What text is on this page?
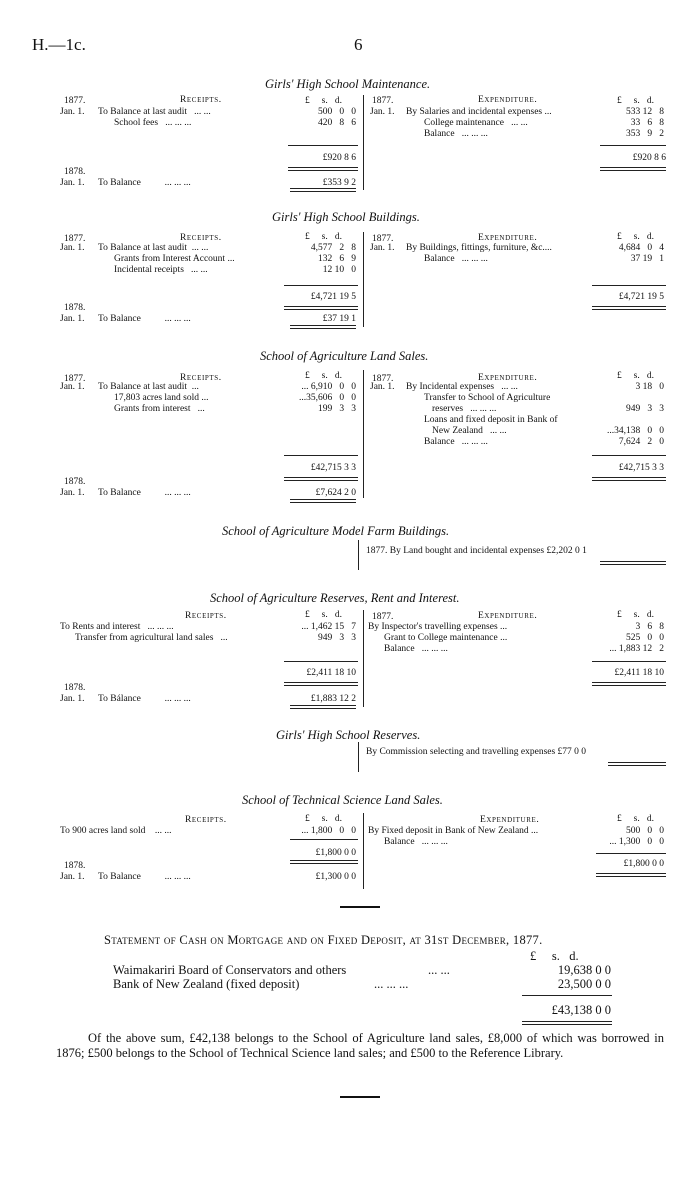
H.—1c.	6
Girls' High School Maintenance.
1877.	Receipts.	£     s.   d.
Jan. 1. To Balance at last audit ... ...	500 0 0
School fees ... ... ...	420 8 6
1877.	Expenditure.	£     s.   d.
Jan. 1. By Salaries and incidental expenses ...	533 12 8
College maintenance ... ...	33 6 8
Balance ... ... ...	353 9 2
£920 8 6	£920 8 6
1878.
Jan. 1. To Balance	... ... ...	£353 9 2
Girls' High School Buildings.
1877.	Receipts.	£     s.   d.
Jan. 1. To Balance at last audit ... ...	4,577 2 8
Grants from Interest Account ...	132 6 9
Incidental receipts ... ...	12 10 0
1877.	Expenditure.	£     s.   d.
Jan. 1. By Buildings, fittings, furniture, &c....	4,684 0 4
Balance ... ... ...	37 19 1
£4,721 19 5	£4,721 19 5
1878.
Jan. 1. To Balance	... ... ...	£37 19 1
School of Agriculture Land Sales.
1877.	Receipts.	£     s.   d.
Jan. 1. To Balance at last audit ...	... 6,910 0 0
17,803 acres land sold ...	...35,606 0 0
Grants from interest ...	199 3 3
1877.	Expenditure.	£     s.   d.
Jan. 1. By Incidental expenses ... ...	3 18 0
Transfer to School of Agriculture
reserves ... ... ...	949 3 3
Loans and fixed deposit in Bank of
New Zealand ... ...	...34,138 0 0
Balance ... ... ...	7,624 2 0
£42,715 3 3	£42,715 3 3
1878.
Jan. 1. To Balance	... ... ...	£7,624 2 0
School of Agriculture Model Farm Buildings.
1877. By Land bought and incidental expenses £2,202 0 1
School of Agriculture Reserves, Rent and Interest.
Receipts.	£     s.   d.
To Rents and interest ... ... ...	... 1,462 15 7
Transfer from agricultural land sales ...	949 3 3
1877.	Expenditure.	£     s.   d.
By Inspector's travelling expenses ...	3 6 8
Grant to College maintenance ...	525 0 0
Balance ... ... ...	... 1,883 12 2
£2,411 18 10	£2,411 18 10
1878.
Jan. 1. To Bálance	... ... ...	£1,883 12 2
Girls' High School Reserves.
By Commission selecting and travelling expenses £77 0 0
School of Technical Science Land Sales.
Receipts.	£     s.   d.
To 900 acres land sold ... ...	... 1,800 0 0
Expenditure.	£     s.   d.
By Fixed deposit in Bank of New Zealand ...	500 0 0
Balance ... ... ...	... 1,300 0 0
£1,800 0 0
£1,800 0 0
1878.
Jan. 1. To Balance	... ... ...	£1,300 0 0
Statement of Cash on Mortgage and on Fixed Deposit, at 31st December, 1877.
£     s.   d.
Waimakariri Board of Conservators and others	... ...	19,638 0 0
Bank of New Zealand (fixed deposit)	... ... ...	23,500 0 0
£43,138 0 0
Of the above sum, £42,138 belongs to the School of Agriculture land sales, £8,000 of which was borrowed in 1876; £500 belongs to the School of Technical Science land sales; and £500 to the Reference Library.
